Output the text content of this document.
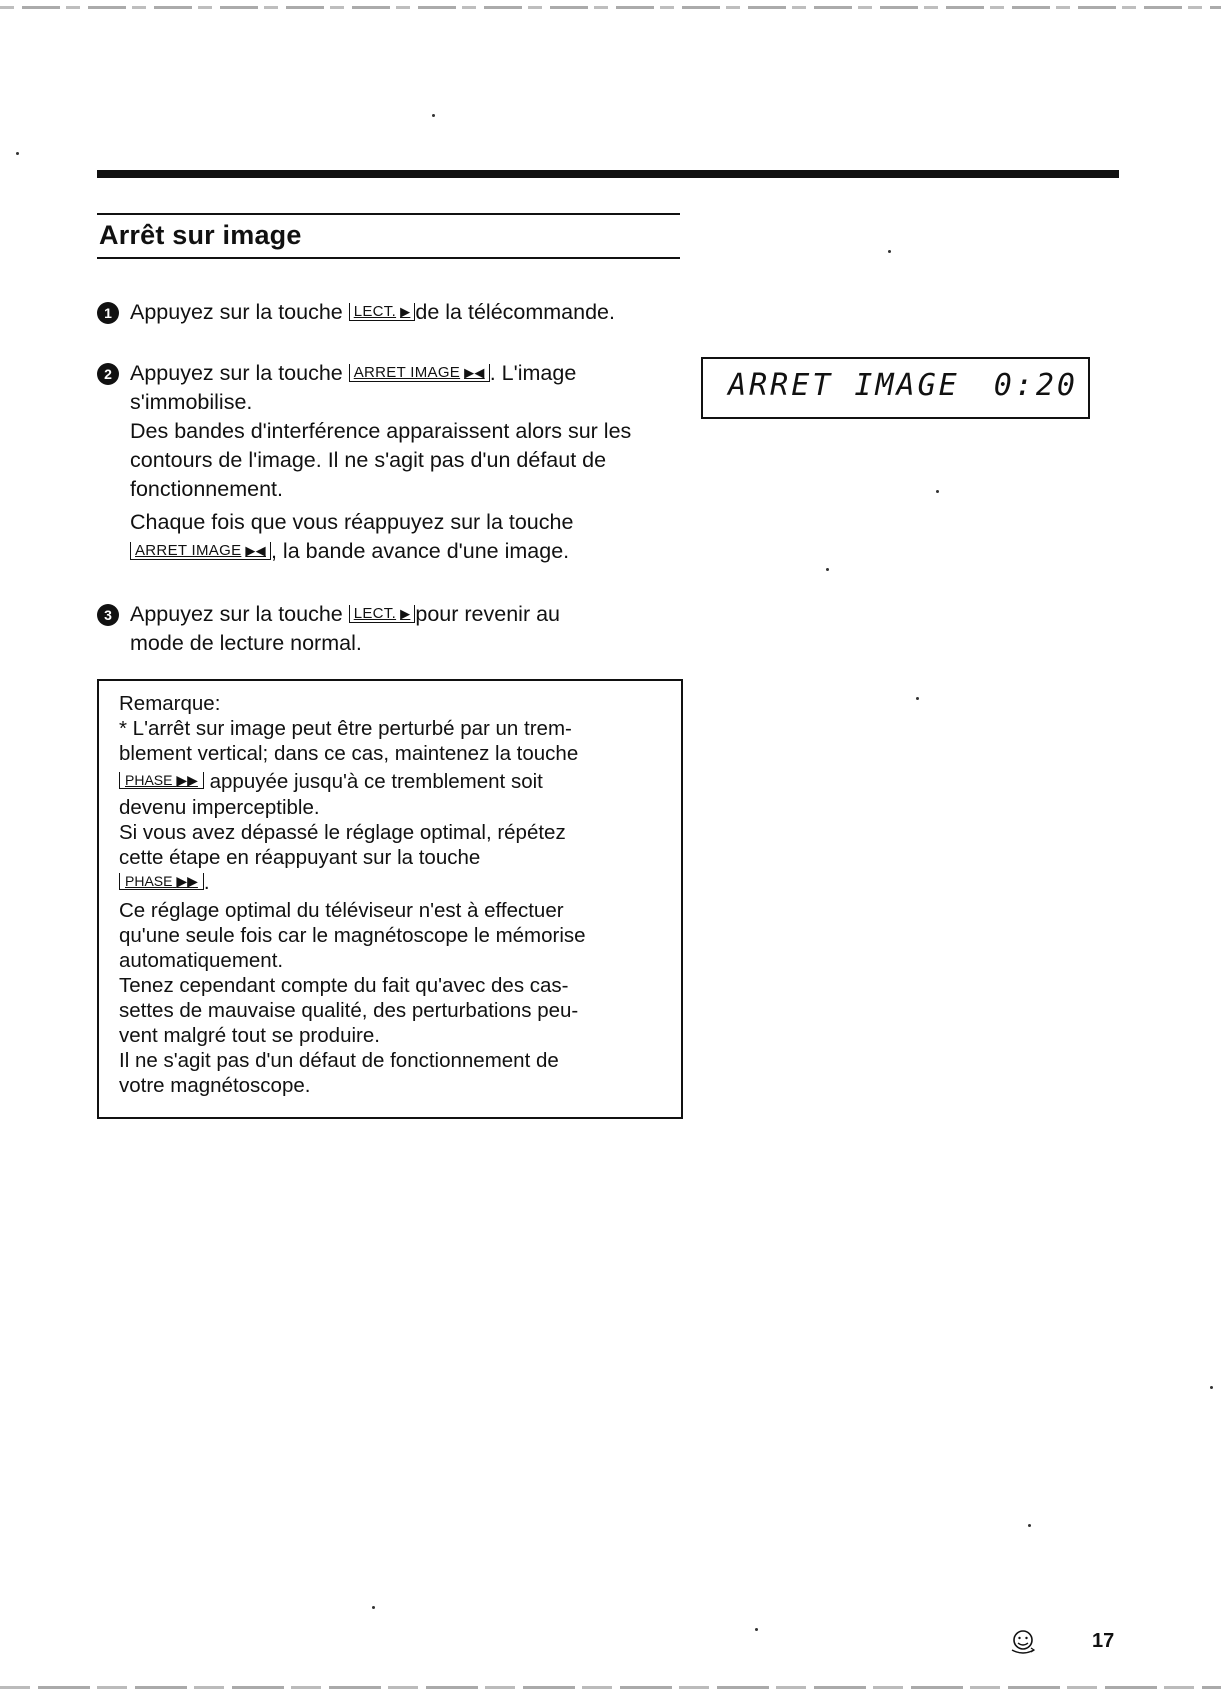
Arrêt sur image
1 Appuyez sur la touche LECT. ▶ de la télécommande.
2 Appuyez sur la touche ARRET IMAGE ▶◀ . L'image
s'immobilise.
Des bandes d'interférence apparaissent alors sur les
contours de l'image. Il ne s'agit pas d'un défaut de
fonctionnement.
Chaque fois que vous réappuyez sur la touche
ARRET IMAGE ▶◀ , la bande avance d'une image.
ARRET IMAGE 0:20
3 Appuyez sur la touche LECT. ▶ pour revenir au
mode de lecture normal.
Remarque:
* L'arrêt sur image peut être perturbé par un trem-
blement vertical; dans ce cas, maintenez la touche
PHASE ▶▶ appuyée jusqu'à ce tremblement soit
devenu imperceptible.
Si vous avez dépassé le réglage optimal, répétez
cette étape en réappuyant sur la touche
PHASE ▶▶ .
Ce réglage optimal du téléviseur n'est à effectuer
qu'une seule fois car le magnétoscope le mémorise
automatiquement.
Tenez cependant compte du fait qu'avec des cas-
settes de mauvaise qualité, des perturbations peu-
vent malgré tout se produire.
Il ne s'agit pas d'un défaut de fonctionnement de
votre magnétoscope.
17
